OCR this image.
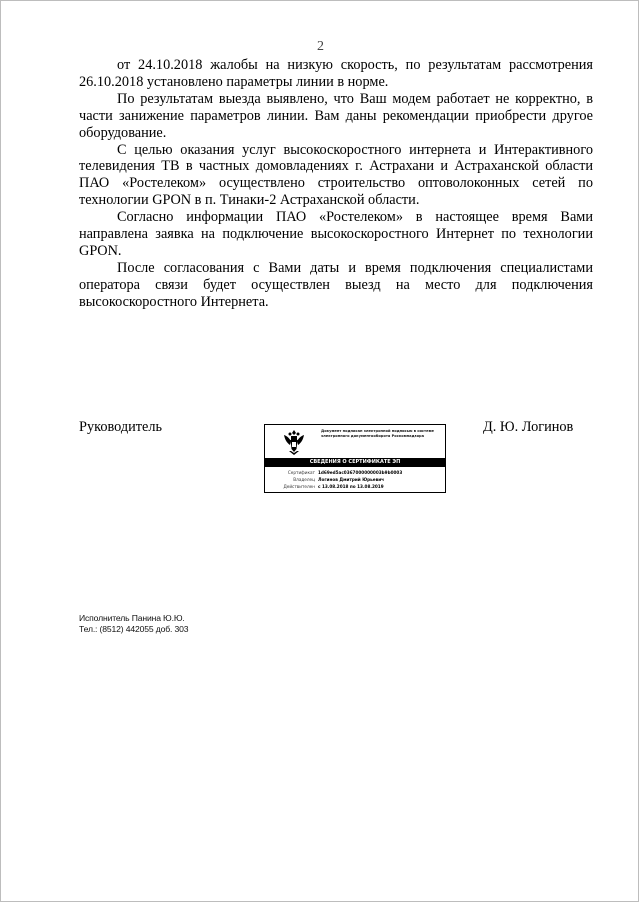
2

от 24.10.2018 жалобы на низкую скорость, по результатам рассмотрения 26.10.2018 установлено параметры линии в норме.

По результатам выезда выявлено, что Ваш модем работает не корректно, в части занижение параметров линии. Вам даны рекомендации приобрести другое оборудование.

С целью оказания услуг высокоскоростного интернета и Интерактивного телевидения ТВ в частных домовладениях г. Астрахани и Астраханской области ПАО «Ростелеком» осуществлено строительство оптоволоконных сетей по технологии GPON в п. Тинаки-2 Астраханской области.

Согласно информации ПАО «Ростелеком» в настоящее время Вами направлена заявка на подключение высокоскоростного Интернет по технологии GPON.

После согласования с Вами даты и время подключения специалистами оператора связи будет осуществлен выезд на место для подключения высокоскоростного Интернета.

Руководитель	Д. Ю. Логинов
Документ подписан электронной подписью в системе электронного документооборота Роскомнадзора
СВЕДЕНИЯ О СЕРТИФИКАТЕ ЭП
Сертификат 1d69ed5ac0367000000003b9b0003
Владелец Логинов Дмитрий Юрьевич
Действителен с 13.08.2018 по 13.08.2019
Исполнитель Панина Ю.Ю.
Тел.: (8512) 442055 доб. 303
